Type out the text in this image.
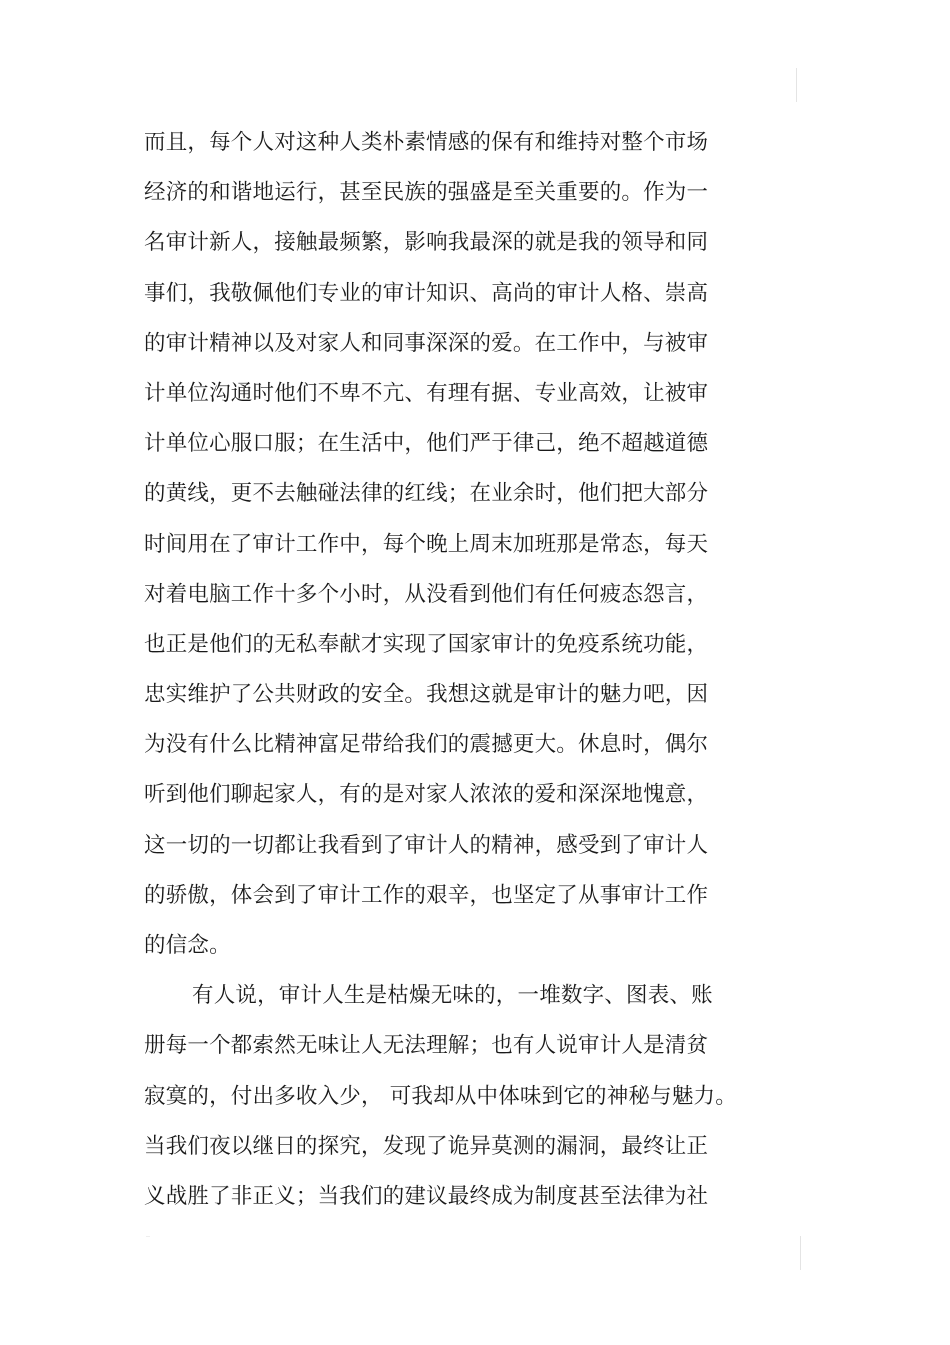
而且，每个人对这种人类朴素情感的保有和维持对整个市场
经济的和谐地运行，甚至民族的强盛是至关重要的。作为一
名审计新人，接触最频繁，影响我最深的就是我的领导和同
事们，我敬佩他们专业的审计知识、高尚的审计人格、崇高
的审计精神以及对家人和同事深深的爱。在工作中，与被审
计单位沟通时他们不卑不亢、有理有据、专业高效，让被审
计单位心服口服；在生活中，他们严于律己，绝不超越道德
的黄线，更不去触碰法律的红线；在业余时，他们把大部分
时间用在了审计工作中，每个晚上周末加班那是常态，每天
对着电脑工作十多个小时，从没看到他们有任何疲态怨言，
也正是他们的无私奉献才实现了国家审计的免疫系统功能，
忠实维护了公共财政的安全。我想这就是审计的魅力吧，因
为没有什么比精神富足带给我们的震撼更大。休息时，偶尔
听到他们聊起家人，有的是对家人浓浓的爱和深深地愧意，
这一切的一切都让我看到了审计人的精神，感受到了审计人
的骄傲，体会到了审计工作的艰辛，也坚定了从事审计工作
的信念。
有人说，审计人生是枯燥无味的，一堆数字、图表、账
册每一个都索然无味让人无法理解；也有人说审计人是清贫
寂寞的，付出多收入少， 可我却从中体味到它的神秘与魅力。
当我们夜以继日的探究，发现了诡异莫测的漏洞，最终让正
义战胜了非正义；当我们的建议最终成为制度甚至法律为社
